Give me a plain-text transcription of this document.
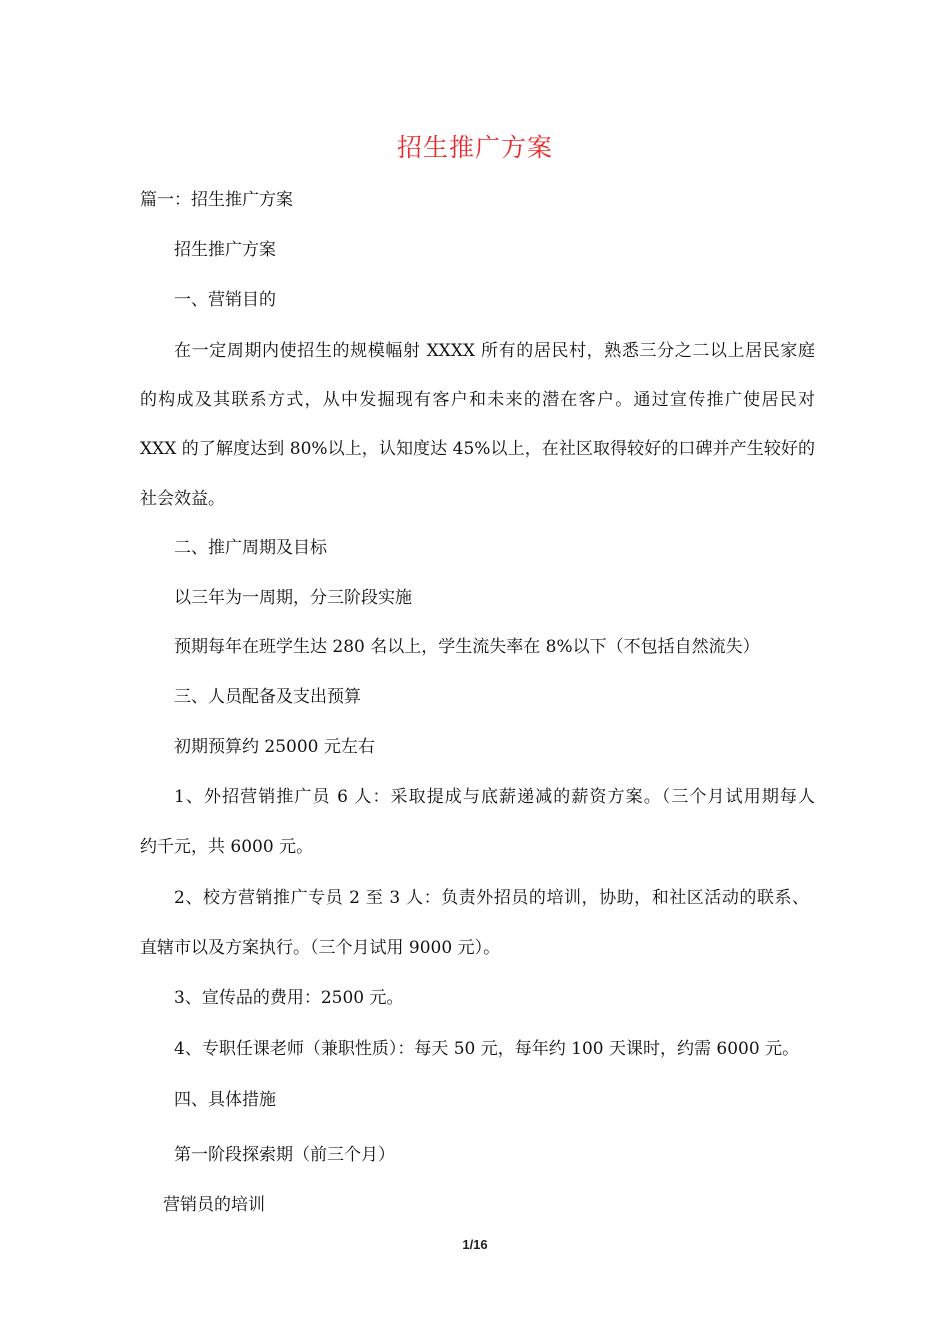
招生推广方案
篇一：招生推广方案
招生推广方案
一、营销目的
在一定周期内使招生的规模幅射 XXXX 所有的居民村，熟悉三分之二以上居民家庭
的构成及其联系方式，从中发掘现有客户和未来的潜在客户。通过宣传推广使居民对
XXX 的了解度达到 80%以上，认知度达 45%以上，在社区取得较好的口碑并产生较好的
社会效益。
二、推广周期及目标
以三年为一周期，分三阶段实施
预期每年在班学生达 280 名以上，学生流失率在 8%以下（不包括自然流失）
三、人员配备及支出预算
初期预算约 25000 元左右
1、外招营销推广员 6 人：采取提成与底薪递减的薪资方案。（三个月试用期每人
约千元，共 6000 元。
2、校方营销推广专员 2 至 3 人：负责外招员的培训，协助，和社区活动的联系、
直辖市以及方案执行。（三个月试用 9000 元）。
3、宣传品的费用：2500 元。
4、专职任课老师（兼职性质）：每天 50 元，每年约 100 天课时，约需 6000 元。
四、具体措施
第一阶段探索期（前三个月）
营销员的培训
1/16
